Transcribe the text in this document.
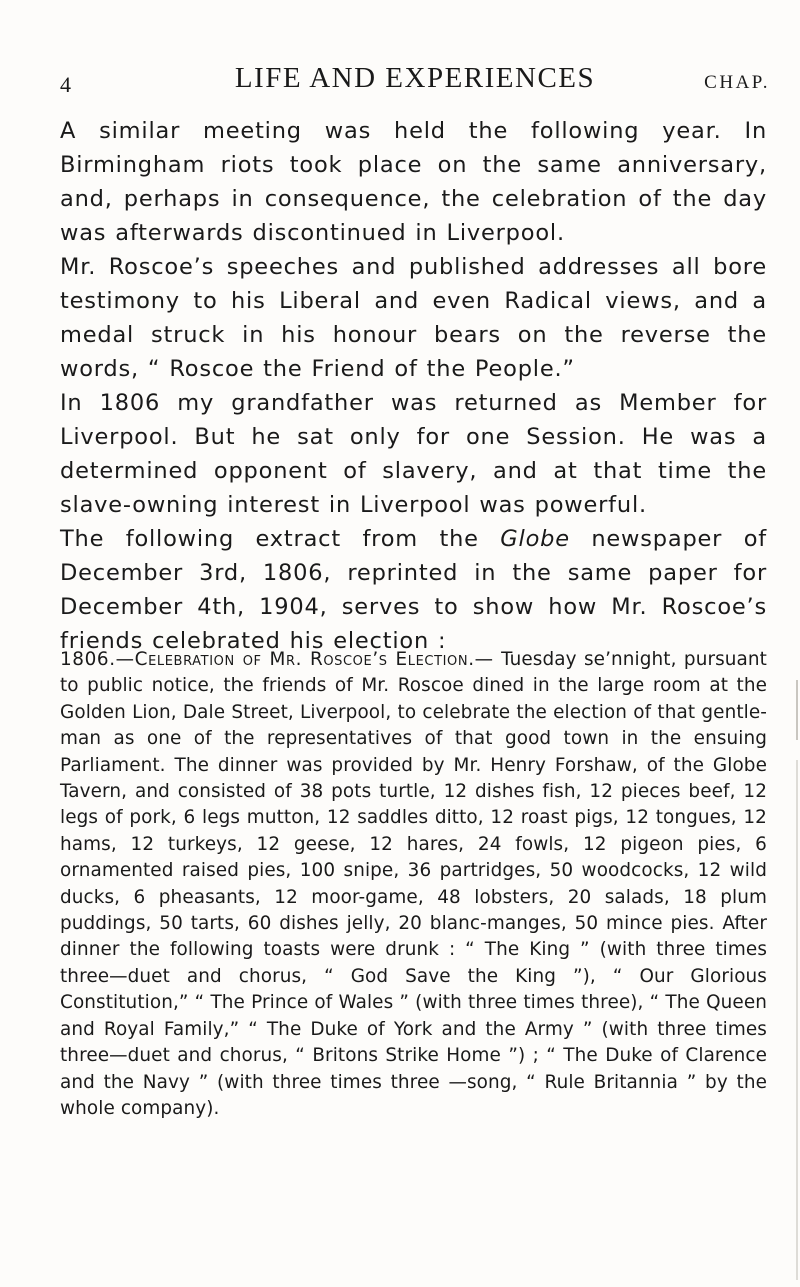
4	LIFE AND EXPERIENCES	CHAP.

A similar meeting was held the following year. In Birmingham riots took place on the same anniversary, and, perhaps in consequence, the celebration of the day was afterwards discontinued in Liverpool.

Mr. Roscoe’s speeches and published addresses all bore testimony to his Liberal and even Radical views, and a medal struck in his honour bears on the reverse the words, “ Roscoe the Friend of the People.”

In 1806 my grandfather was returned as Member for Liverpool. But he sat only for one Session. He was a determined opponent of slavery, and at that time the slave-owning interest in Liverpool was powerful.

The following extract from the Globe newspaper of December 3rd, 1806, reprinted in the same paper for December 4th, 1904, serves to show how Mr. Roscoe’s friends celebrated his election :

1806.—Celebration of Mr. Roscoe’s Election.— Tuesday se’nnight, pursuant to public notice, the friends of Mr. Roscoe dined in the large room at the Golden Lion, Dale Street, Liverpool, to celebrate the election of that gentle-man as one of the representatives of that good town in the ensuing Parliament. The dinner was provided by Mr. Henry Forshaw, of the Globe Tavern, and consisted of 38 pots turtle, 12 dishes fish, 12 pieces beef, 12 legs of pork, 6 legs mutton, 12 saddles ditto, 12 roast pigs, 12 tongues, 12 hams, 12 turkeys, 12 geese, 12 hares, 24 fowls, 12 pigeon pies, 6 ornamented raised pies, 100 snipe, 36 partridges, 50 woodcocks, 12 wild ducks, 6 pheasants, 12 moor-game, 48 lobsters, 20 salads, 18 plum puddings, 50 tarts, 60 dishes jelly, 20 blanc-manges, 50 mince pies. After dinner the following toasts were drunk : “ The King ” (with three times three—duet and chorus, “ God Save the King ”), “ Our Glorious Constitution,” “ The Prince of Wales ” (with three times three), “ The Queen and Royal Family,” “ The Duke of York and the Army ” (with three times three—duet and chorus, “ Britons Strike Home ”) ; “ The Duke of Clarence and the Navy ” (with three times three —song, “ Rule Britannia ” by the whole company).
